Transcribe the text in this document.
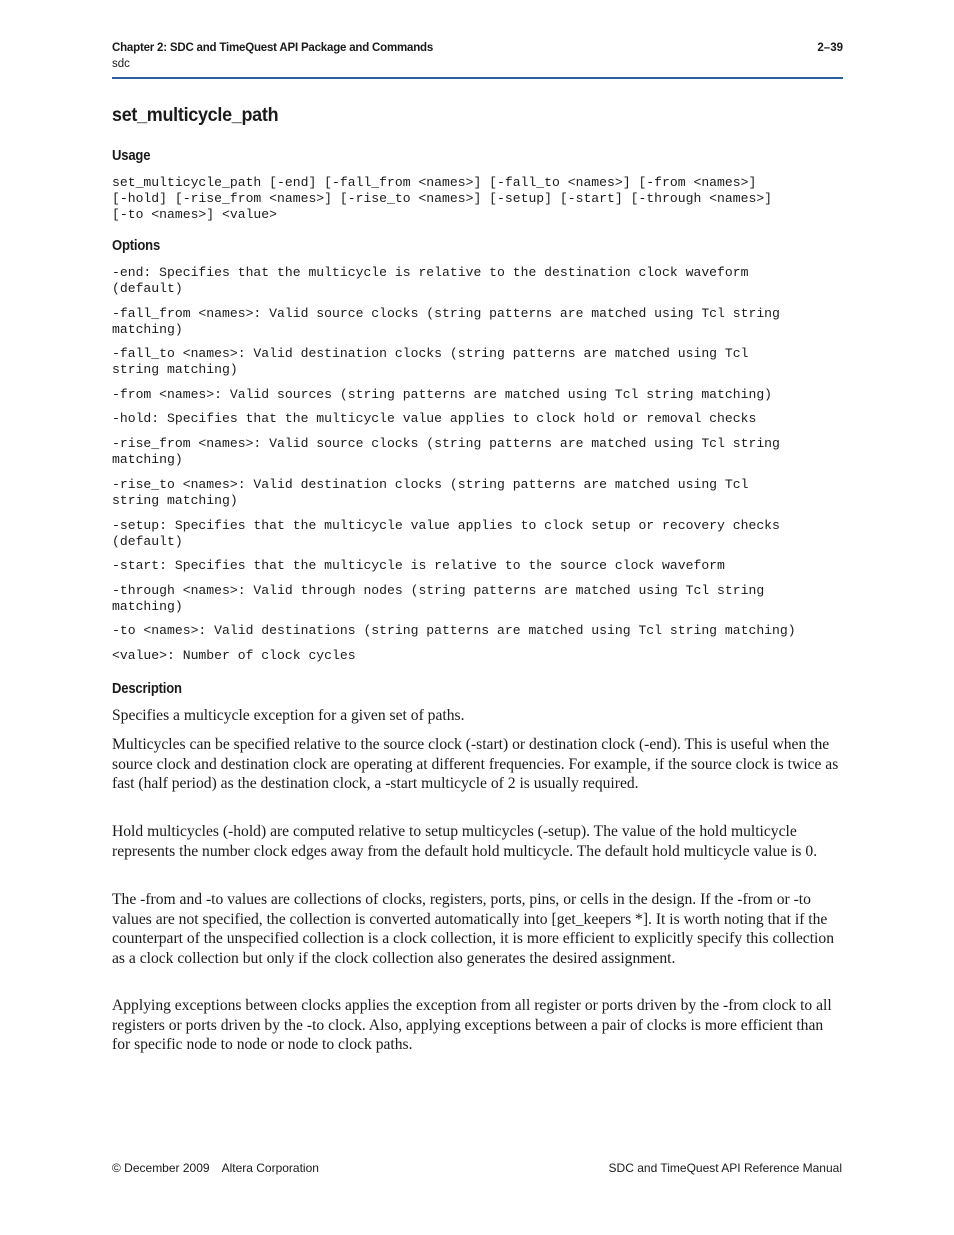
Chapter 2: SDC and TimeQuest API Package and Commands
sdc
2–39
set_multicycle_path
Usage
set_multicycle_path [-end] [-fall_from <names>] [-fall_to <names>] [-from <names>]
[-hold] [-rise_from <names>] [-rise_to <names>] [-setup] [-start] [-through <names>]
[-to <names>] <value>
Options
-end: Specifies that the multicycle is relative to the destination clock waveform
(default)
-fall_from <names>: Valid source clocks (string patterns are matched using Tcl string
matching)
-fall_to <names>: Valid destination clocks (string patterns are matched using Tcl
string matching)
-from <names>: Valid sources (string patterns are matched using Tcl string matching)
-hold: Specifies that the multicycle value applies to clock hold or removal checks
-rise_from <names>: Valid source clocks (string patterns are matched using Tcl string
matching)
-rise_to <names>: Valid destination clocks (string patterns are matched using Tcl
string matching)
-setup: Specifies that the multicycle value applies to clock setup or recovery checks
(default)
-start: Specifies that the multicycle is relative to the source clock waveform
-through <names>: Valid through nodes (string patterns are matched using Tcl string
matching)
-to <names>: Valid destinations (string patterns are matched using Tcl string matching)
<value>: Number of clock cycles
Description

Specifies a multicycle exception for a given set of paths.

Multicycles can be specified relative to the source clock (-start) or destination clock (-end). This is useful when the source clock and destination clock are operating at different frequencies. For example, if the source clock is twice as fast (half period) as the destination clock, a -start multicycle of 2 is usually required.

Hold multicycles (-hold) are computed relative to setup multicycles (-setup). The value of the hold multicycle represents the number clock edges away from the default hold multicycle. The default hold multicycle value is 0.

The -from and -to values are collections of clocks, registers, ports, pins, or cells in the design. If the -from or -to values are not specified, the collection is converted automatically into [get_keepers *]. It is worth noting that if the counterpart of the unspecified collection is a clock collection, it is more efficient to explicitly specify this collection as a clock collection but only if the clock collection also generates the desired assignment.

Applying exceptions between clocks applies the exception from all register or ports driven by the -from clock to all registers or ports driven by the -to clock. Also, applying exceptions between a pair of clocks is more efficient than for specific node to node or node to clock paths.

© December 2009 Altera Corporation	SDC and TimeQuest API Reference Manual
